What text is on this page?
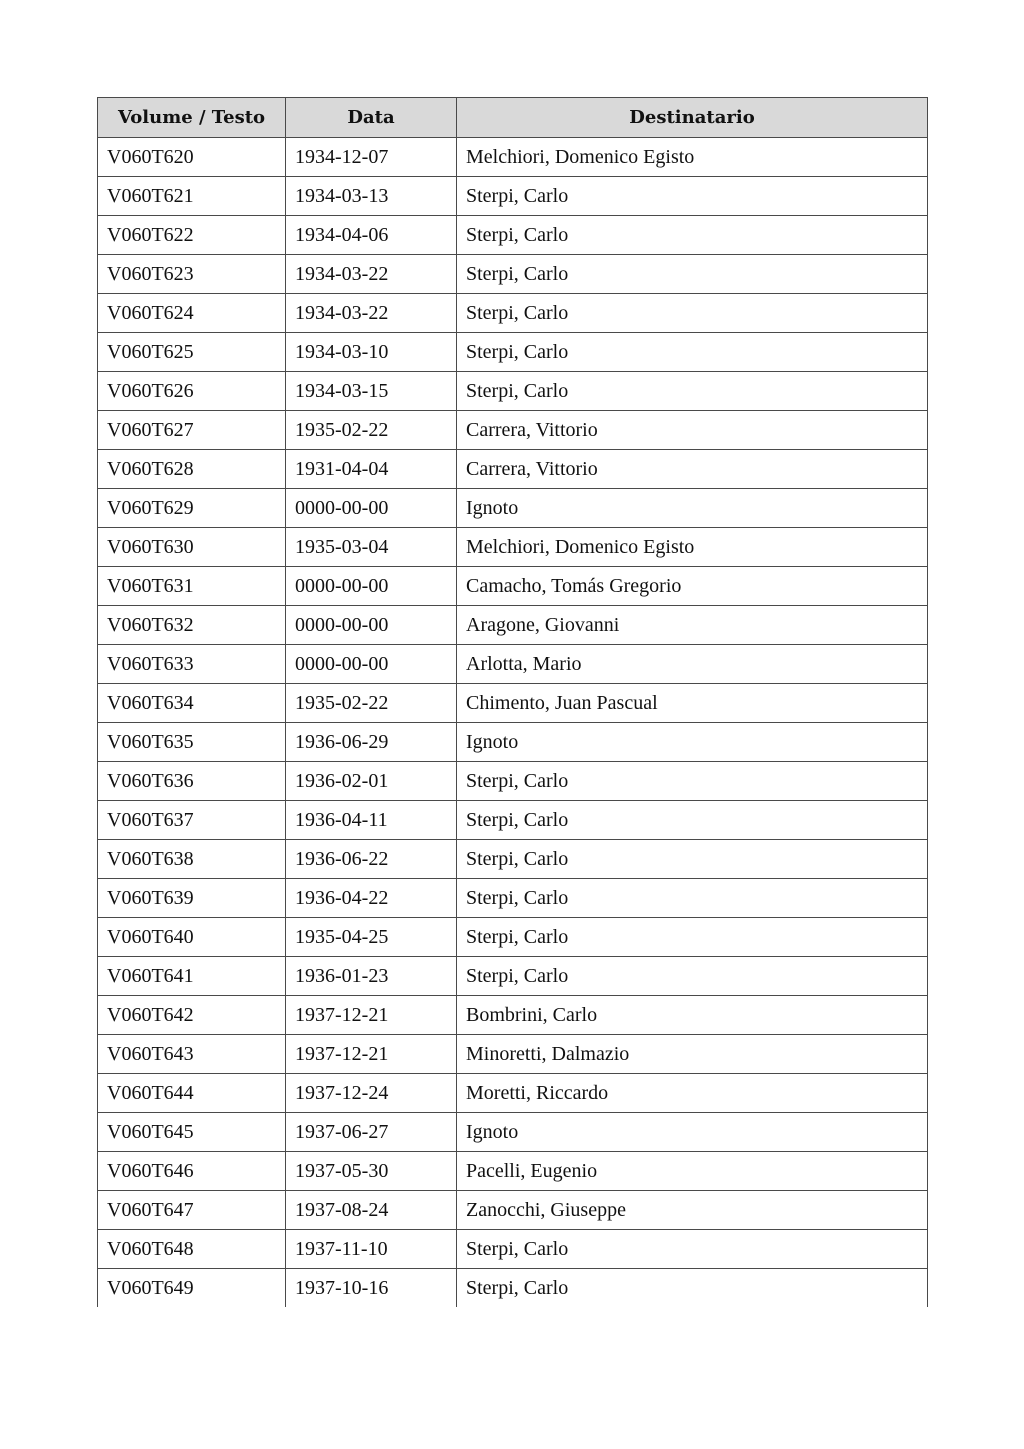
Volume / Testo	Data	Destinatario
V060T620	1934-12-07	Melchiori, Domenico Egisto
V060T621	1934-03-13	Sterpi, Carlo
V060T622	1934-04-06	Sterpi, Carlo
V060T623	1934-03-22	Sterpi, Carlo
V060T624	1934-03-22	Sterpi, Carlo
V060T625	1934-03-10	Sterpi, Carlo
V060T626	1934-03-15	Sterpi, Carlo
V060T627	1935-02-22	Carrera, Vittorio
V060T628	1931-04-04	Carrera, Vittorio
V060T629	0000-00-00	Ignoto
V060T630	1935-03-04	Melchiori, Domenico Egisto
V060T631	0000-00-00	Camacho, Tomás Gregorio
V060T632	0000-00-00	Aragone, Giovanni
V060T633	0000-00-00	Arlotta, Mario
V060T634	1935-02-22	Chimento, Juan Pascual
V060T635	1936-06-29	Ignoto
V060T636	1936-02-01	Sterpi, Carlo
V060T637	1936-04-11	Sterpi, Carlo
V060T638	1936-06-22	Sterpi, Carlo
V060T639	1936-04-22	Sterpi, Carlo
V060T640	1935-04-25	Sterpi, Carlo
V060T641	1936-01-23	Sterpi, Carlo
V060T642	1937-12-21	Bombrini, Carlo
V060T643	1937-12-21	Minoretti, Dalmazio
V060T644	1937-12-24	Moretti, Riccardo
V060T645	1937-06-27	Ignoto
V060T646	1937-05-30	Pacelli, Eugenio
V060T647	1937-08-24	Zanocchi, Giuseppe
V060T648	1937-11-10	Sterpi, Carlo
V060T649	1937-10-16	Sterpi, Carlo
